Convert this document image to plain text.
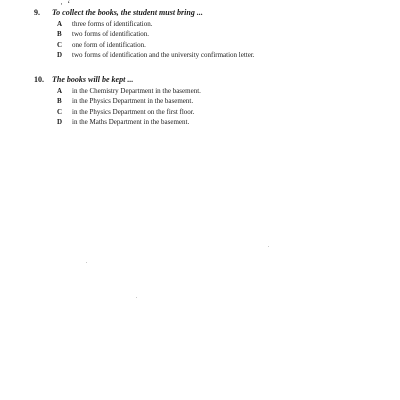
· ʻ
9. To collect the books, the student must bring ...
A	three forms of identification.
B	two forms of identification.
C	one form of identification.
D	two forms of identification and the university confirmation letter.
10. The books will be kept ...
A	in the Chemistry Department in the basement.
B	in the Physics Department in the basement.
C	in the Physics Department on the first floor.
D	in the Maths Department in the basement.
